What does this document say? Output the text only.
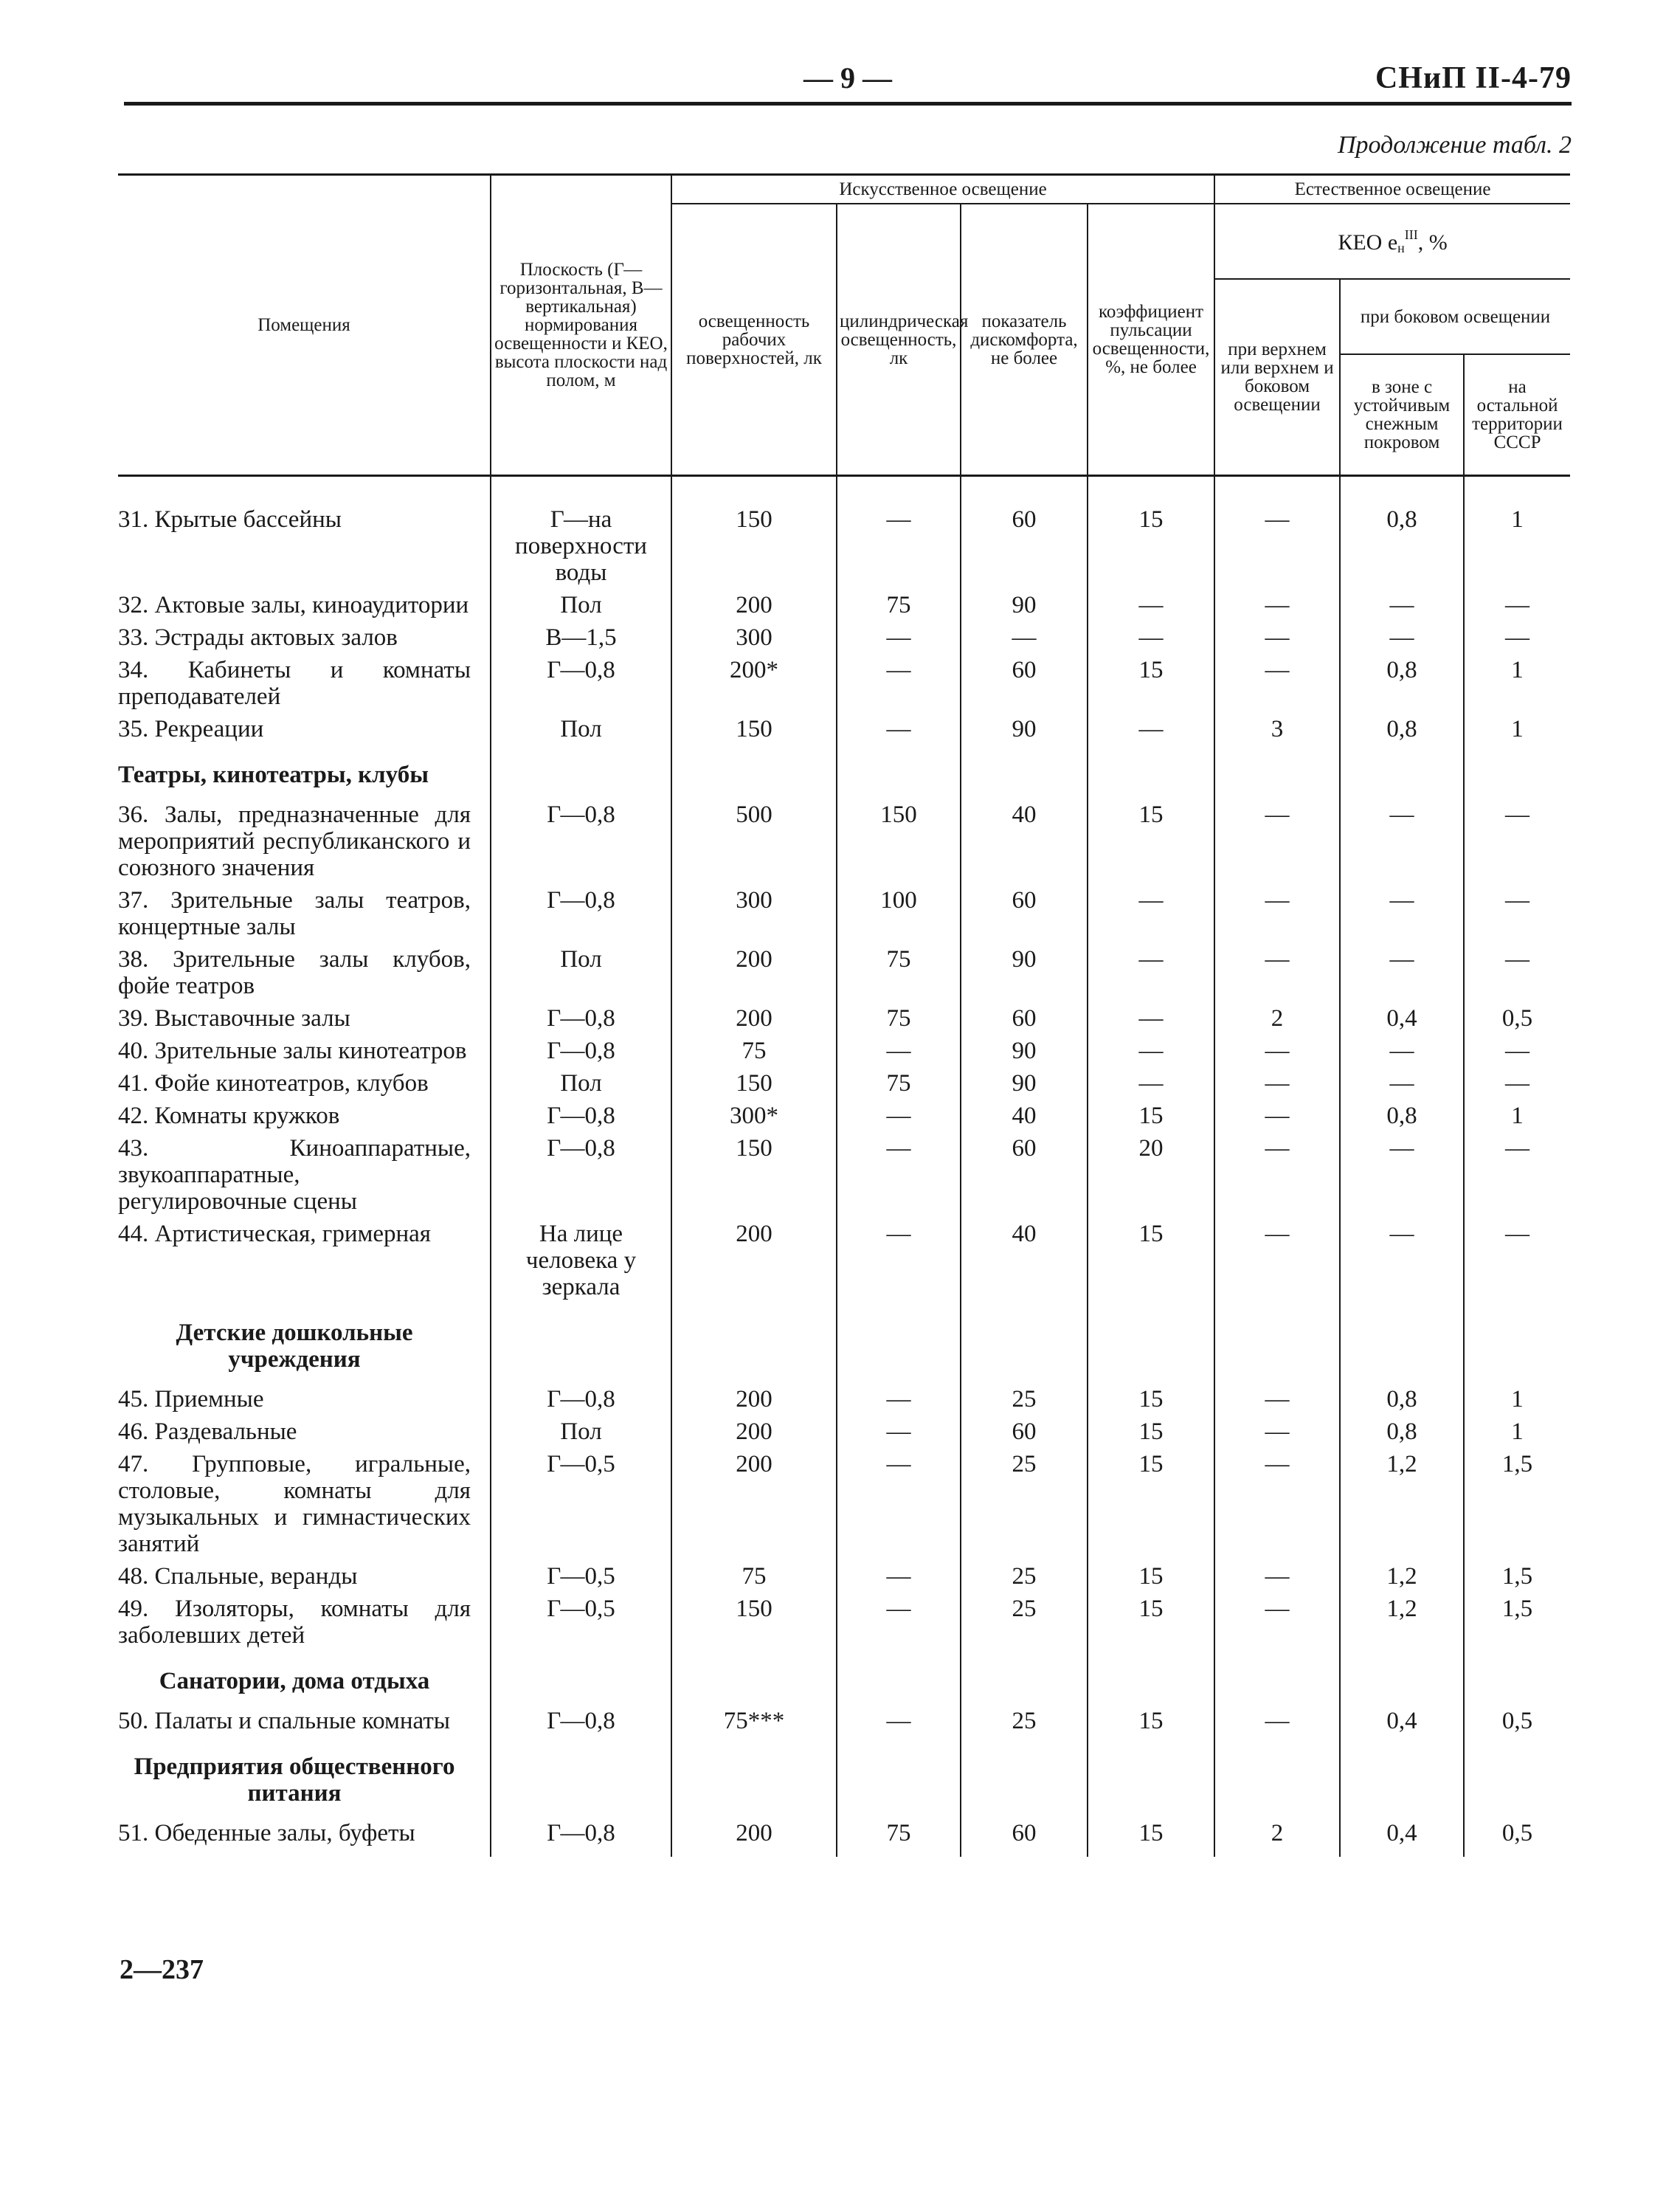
— 9 —	СНиП II-4-79
Продолжение табл. 2
Помещения	Плоскость (Г—горизонтальная, В—вертикальная) нормирования освещенности и КЕО, высота плоскости над полом, м	Искусственное освещение				Естественное освещение		
		освещенность рабочих поверхностей, лк	цилиндрическая освещенность, лк	показатель дискомфорта, не более	коэффициент пульсации освещенности, %, не более	КЕО $eн^{III}$, %		
						при верхнем или верхнем и боковом освещении	при боковом освещении	
							в зоне с устойчивым снежным покровом	на остальной территории СССР
31. Крытые бассейны	Г—на поверхности воды	150	—	60	15	—	0,8	1
32. Актовые залы, киноаудитории	Пол	200	75	90	—	—	—	—
33. Эстрады актовых залов	В—1,5	300	—	—	—	—	—	—
34. Кабинеты и комнаты преподавателей	Г—0,8	200*	—	60	15	—	0,8	1
35. Рекреации	Пол	150	—	90	—	3	0,8	1
Театры, кинотеатры, клубы								
36. Залы, предназначенные для мероприятий республиканского и союзного значения	Г—0,8	500	150	40	15	—	—	—
37. Зрительные залы театров, концертные залы	Г—0,8	300	100	60	—	—	—	—
38. Зрительные залы клубов, фойе театров	Пол	200	75	90	—	—	—	—
39. Выставочные залы	Г—0,8	200	75	60	—	2	0,4	0,5
40. Зрительные залы кинотеатров	Г—0,8	75	—	90	—	—	—	—
41. Фойе кинотеатров, клубов	Пол	150	75	90	—	—	—	—
42. Комнаты кружков	Г—0,8	300*	—	40	15	—	0,8	1
43. Киноаппаратные, звукоаппаратные, регулировочные сцены	Г—0,8	150	—	60	20	—	—	—
44. Артистическая, гримерная	На лице человека у зеркала	200	—	40	15	—	—	—
Детские дошкольные учреждения								
45. Приемные	Г—0,8	200	—	25	15	—	0,8	1
46. Раздевальные	Пол	200	—	60	15	—	0,8	1
47. Групповые, игральные, столовые, комнаты для музыкальных и гимнастических занятий	Г—0,5	200	—	25	15	—	1,2	1,5
48. Спальные, веранды	Г—0,5	75	—	25	15	—	1,2	1,5
49. Изоляторы, комнаты для заболевших детей	Г—0,5	150	—	25	15	—	1,2	1,5
Санатории, дома отдыха								
50. Палаты и спальные комнаты	Г—0,8	75***	—	25	15	—	0,4	0,5
Предприятия общественного питания								
51. Обеденные залы, буфеты	Г—0,8	200	75	60	15	2	0,4	0,5
2—237
